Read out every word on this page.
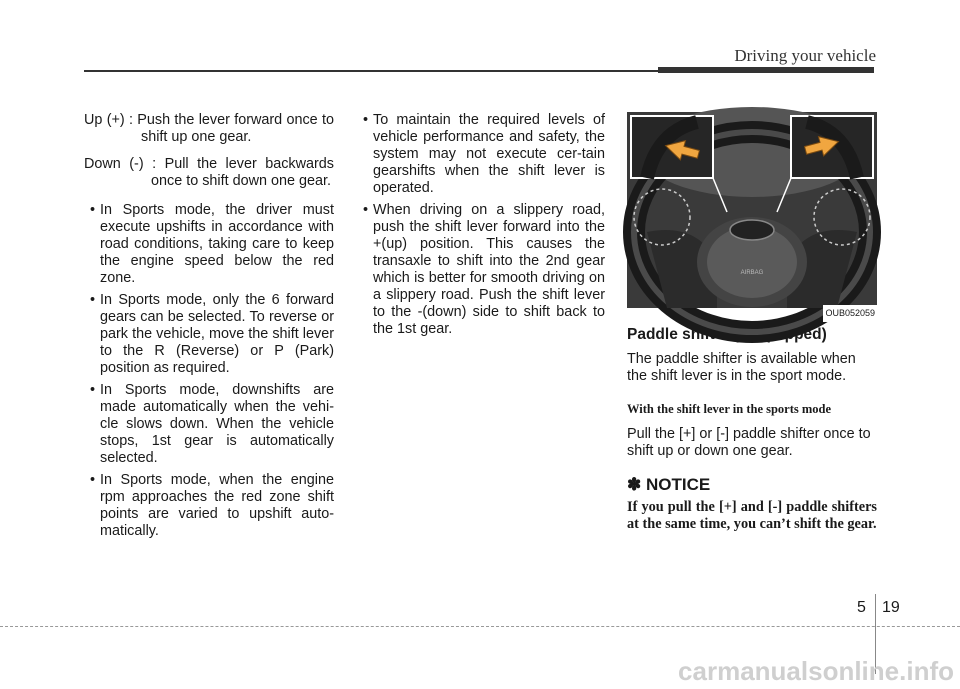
Driving your vehicle
Up (+) : Push the lever forward once to shift up one gear.
Down (-) : Pull the lever backwards once to shift down one gear.
• In Sports mode, the driver must execute upshifts in accordance with road conditions, taking care to keep the engine speed below the red zone.
• In Sports mode, only the 6 forward gears can be selected. To reverse or park the vehicle, move the shift lever to the R (Reverse) or P (Park) position as required.
• In Sports mode, downshifts are made automatically when the vehi-cle slows down. When the vehicle stops, 1st gear is automatically selected.
• In Sports mode, when the engine rpm approaches the red zone shift points are varied to upshift auto-matically.
• To maintain the required levels of vehicle performance and safety, the system may not execute cer-tain gearshifts when the shift lever is operated.
• When driving on a slippery road, push the shift lever forward into the +(up) position. This causes the transaxle to shift into the 2nd gear which is better for smooth driving on a slippery road. Push the shift lever to the -(down) side to shift back to the 1st gear.
AIRBAG
OUB052059
Paddle shifter (if equipped)
The paddle shifter is available when the shift lever is in the sport mode.
With the shift lever in the sports mode
Pull the [+] or [-] paddle shifter once to shift up or down one gear.
✽ NOTICE
If you pull the [+] and [-] paddle shifters at the same time, you can’t shift the gear.
5 19
carmanualsonline.info
